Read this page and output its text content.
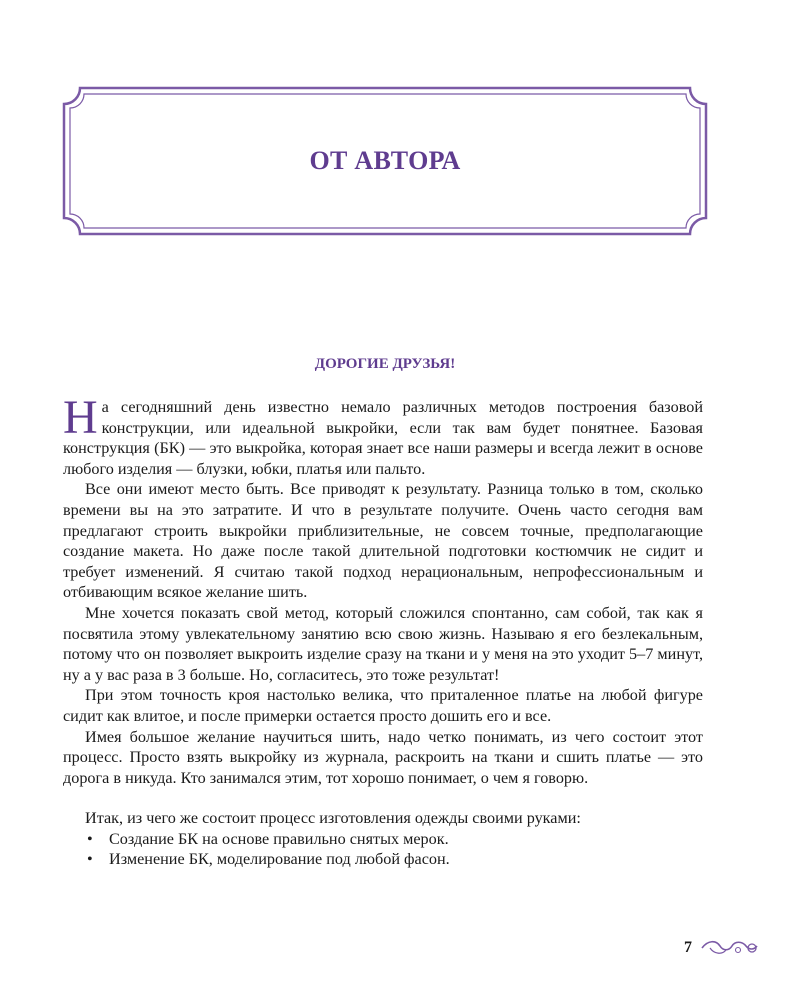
ОТ АВТОРА
ДОРОГИЕ ДРУЗЬЯ!

На сегодняшний день известно немало различных методов построения базовой конструкции, или идеальной выкройки, если так вам будет понятнее. Базовая конструкция (БК) — это выкройка, которая знает все наши размеры и всегда лежит в основе любого изделия — блузки, юбки, платья или пальто.

Все они имеют место быть. Все приводят к результату. Разница только в том, сколько времени вы на это затратите. И что в результате получите. Очень часто сегодня вам предлагают строить выкройки приблизительные, не совсем точные, предполагающие создание макета. Но даже после такой длительной подготовки костюмчик не сидит и требует изменений. Я считаю такой подход нерациональным, непрофессиональным и отбивающим всякое желание шить.

Мне хочется показать свой метод, который сложился спонтанно, сам собой, так как я посвятила этому увлекательному занятию всю свою жизнь. Называю я его безлекальным, потому что он позволяет выкроить изделие сразу на ткани и у меня на это уходит 5–7 минут, ну а у вас раза в 3 больше. Но, согласитесь, это тоже результат!

При этом точность кроя настолько велика, что приталенное платье на любой фигуре сидит как влитое, и после примерки остается просто дошить его и все.

Имея большое желание научиться шить, надо четко понимать, из чего состоит этот процесс. Просто взять выкройку из журнала, раскроить на ткани и сшить платье — это дорога в никуда. Кто занимался этим, тот хорошо понимает, о чем я говорю.

Итак, из чего же состоит процесс изготовления одежды своими руками:

• Создание БК на основе правильно снятых мерок.
• Изменение БК, моделирование под любой фасон.
7
